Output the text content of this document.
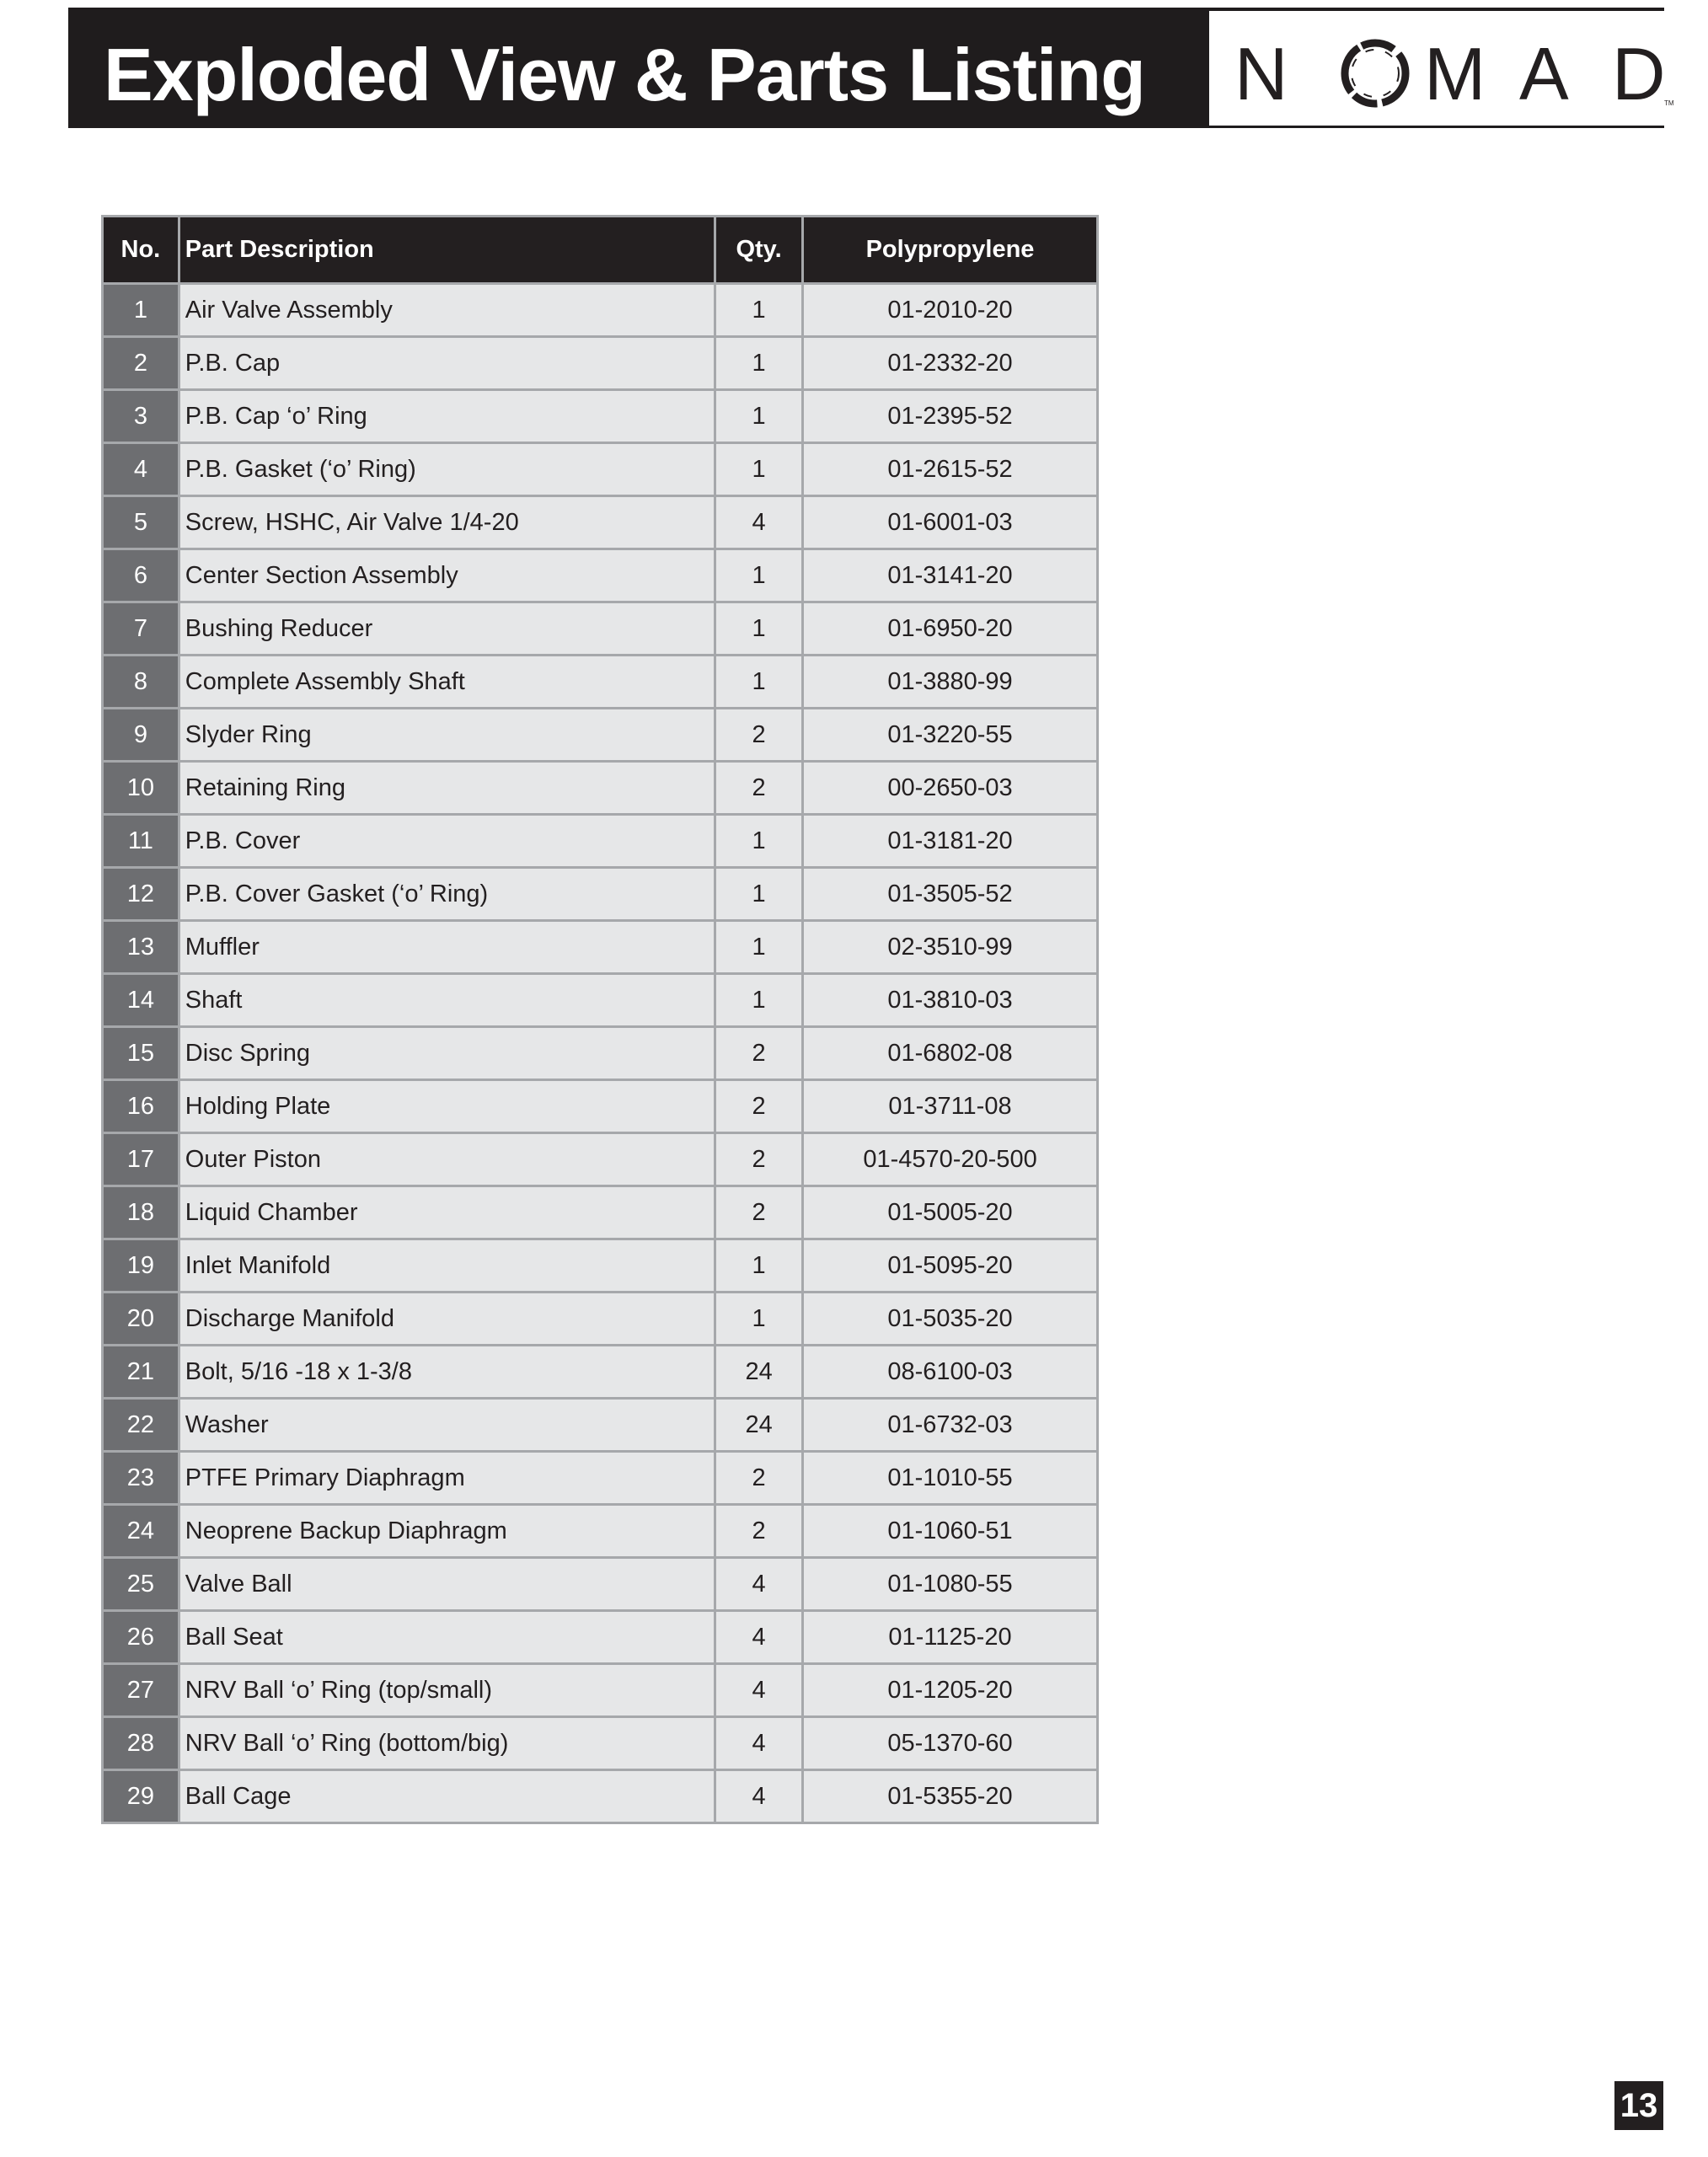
Exploded View & Parts Listing N M A D
TM
No.	Part Description	Qty.	Polypropylene
1	Air Valve Assembly	1	01-2010-20
2	P.B. Cap	1	01-2332-20
3	P.B. Cap ‘o’ Ring	1	01-2395-52
4	P.B. Gasket (‘o’ Ring)	1	01-2615-52
5	Screw, HSHC, Air Valve 1/4-20	4	01-6001-03
6	Center Section Assembly	1	01-3141-20
7	Bushing Reducer	1	01-6950-20
8	Complete Assembly Shaft	1	01-3880-99
9	Slyder Ring	2	01-3220-55
10	Retaining Ring	2	00-2650-03
11	P.B. Cover	1	01-3181-20
12	P.B. Cover Gasket (‘o’ Ring)	1	01-3505-52
13	Muffler	1	02-3510-99
14	Shaft	1	01-3810-03
15	Disc Spring	2	01-6802-08
16	Holding Plate	2	01-3711-08
17	Outer Piston	2	01-4570-20-500
18	Liquid Chamber	2	01-5005-20
19	Inlet Manifold	1	01-5095-20
20	Discharge Manifold	1	01-5035-20
21	Bolt, 5/16 -18 x 1-3/8	24	08-6100-03
22	Washer	24	01-6732-03
23	PTFE Primary Diaphragm	2	01-1010-55
24	Neoprene Backup Diaphragm	2	01-1060-51
25	Valve Ball	4	01-1080-55
26	Ball Seat	4	01-1125-20
27	NRV Ball ‘o’ Ring (top/small)	4	01-1205-20
28	NRV Ball ‘o’ Ring (bottom/big)	4	05-1370-60
29	Ball Cage	4	01-5355-20
13
